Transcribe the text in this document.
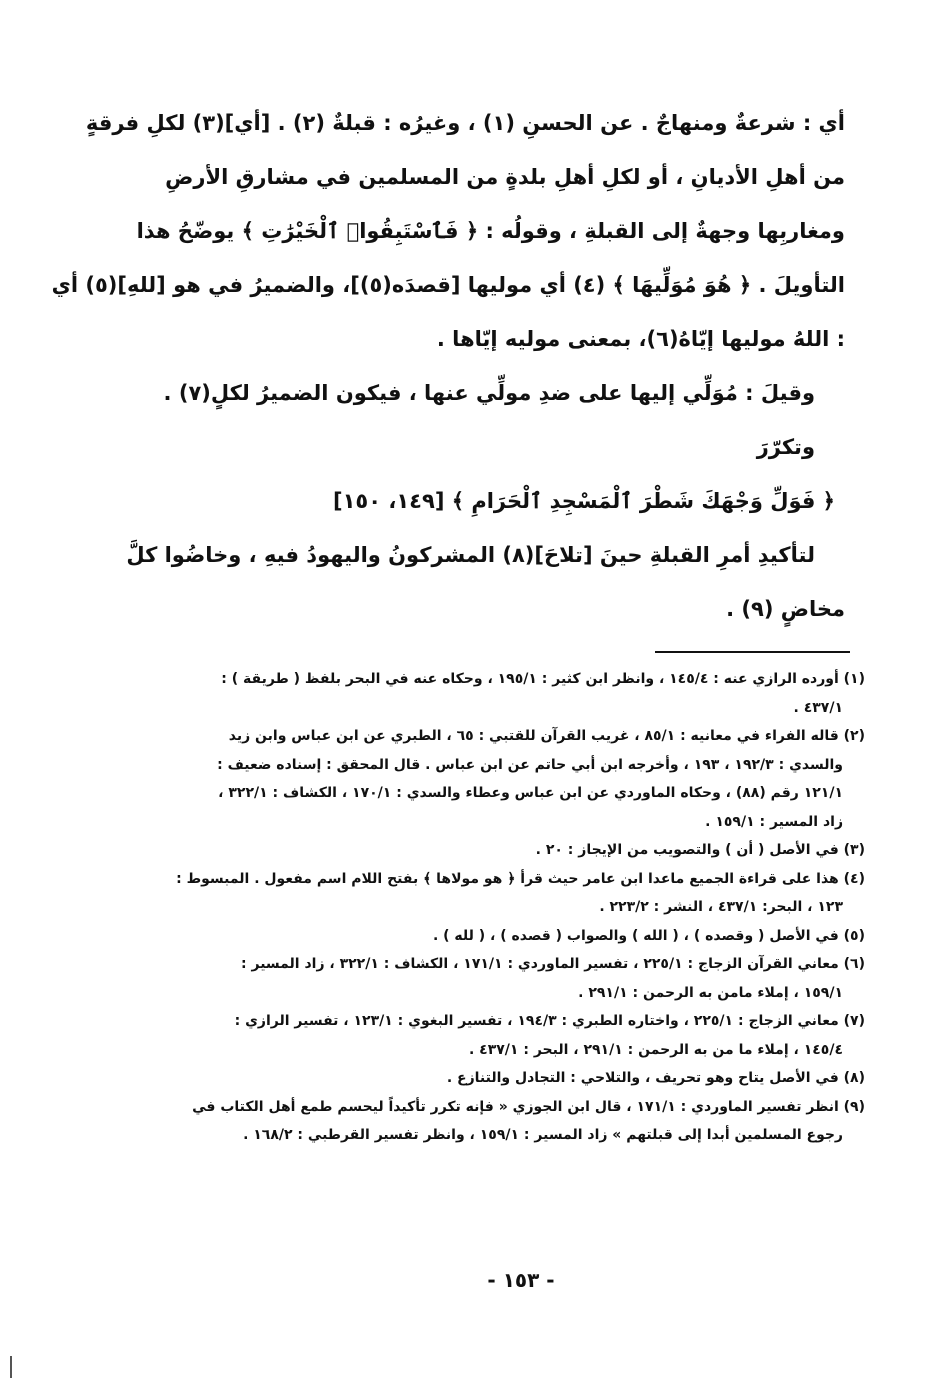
أي : شرعةٌ ومنهاجٌ . عن الحسنِ (١) ، وغيرُه : قبلةٌ (٢) . [أي](٣) لكلِ فرقةٍ
من أهلِ الأديانِ ، أو لكلِ أهلِ بلدةٍ من المسلمين في مشارقِ الأرضِ
ومغاربِها وجهةٌ إلى القبلةِ ، وقولُه : ﴿ فَٱسْتَبِقُوا۟ ٱلْخَيْرَٰتِ ﴾ يوضّحُ هذا
التأويلَ . ﴿ هُوَ مُوَلِّيهَا ﴾ (٤) أي موليها [قصدَه(٥)]، والضميرُ في هو [للهِ](٥) أي
: اللهُ موليها إيّاهُ(٦)، بمعنى موليه إيّاها .
وقيلَ : مُوَلِّي إليها على ضدِ مولِّي عنها ، فيكون الضميرُ لكلٍ(٧) .
وتكرّرَ
﴿ فَوَلِّ وَجْهَكَ شَطْرَ ٱلْمَسْجِدِ ٱلْحَرَامِ ﴾ [١٤٩، ١٥٠]
لتأكيدِ أمرِ القبلةِ حينَ [تلاحَ](٨) المشركونُ واليهودُ فيهِ ، وخاضُوا كلَّ
مخاضٍ (٩) .
(١) أورده الرازي عنه : ١٤٥/٤ ، وانظر ابن كثير : ١٩٥/١ ، وحكاه عنه في البحر بلفظ ( طريقة ) :
٤٣٧/١ .
(٢) قاله الفراء في معانيه : ٨٥/١ ، غريب القرآن للقتبي : ٦٥ ، الطبري عن ابن عباس وابن زيد
والسدي : ١٩٢/٣ ، ١٩٣ ، وأخرجه ابن أبي حاتم عن ابن عباس . قال المحقق : إسناده ضعيف :
١٢١/١ رقم (٨٨) ، وحكاه الماوردي عن ابن عباس وعطاء والسدي : ١٧٠/١ ، الكشاف : ٣٢٢/١ ،
زاد المسير : ١٥٩/١ .
(٣) في الأصل ( أن ) والتصويب من الإيجاز : ٢٠ .
(٤) هذا على قراءة الجميع ماعدا ابن عامر حيث قرأ ﴿ هو مولاها ﴾ بفتح اللام اسم مفعول . المبسوط :
١٢٣ ، البحر: ٤٣٧/١ ، النشر : ٢٢٣/٢ .
(٥) في الأصل ( وقصده ) ، ( الله ) والصواب ( قصده ) ، ( لله ) .
(٦) معاني القرآن الزجاج : ٢٢٥/١ ، تفسير الماوردي : ١٧١/١ ، الكشاف : ٣٢٢/١ ، زاد المسير :
١٥٩/١ ، إملاء مامن به الرحمن : ٢٩١/١ .
(٧) معاني الزجاج : ٢٢٥/١ ، واختاره الطبري : ١٩٤/٣ ، تفسير البغوي : ١٢٣/١ ، تفسير الرازي :
١٤٥/٤ ، إملاء ما من به الرحمن : ٢٩١/١ ، البحر : ٤٣٧/١ .
(٨) في الأصل يتاح وهو تحريف ، والتلاحي : التجادل والتنازع .
(٩) انظر تفسير الماوردي : ١٧١/١ ، قال ابن الجوزي « فإنه تكرر تأكيداً ليحسم طمع أهل الكتاب في
رجوع المسلمين أبدا إلى قبلتهم » زاد المسير : ١٥٩/١ ، وانظر تفسير القرطبي : ١٦٨/٢ .
- ١٥٣ -
